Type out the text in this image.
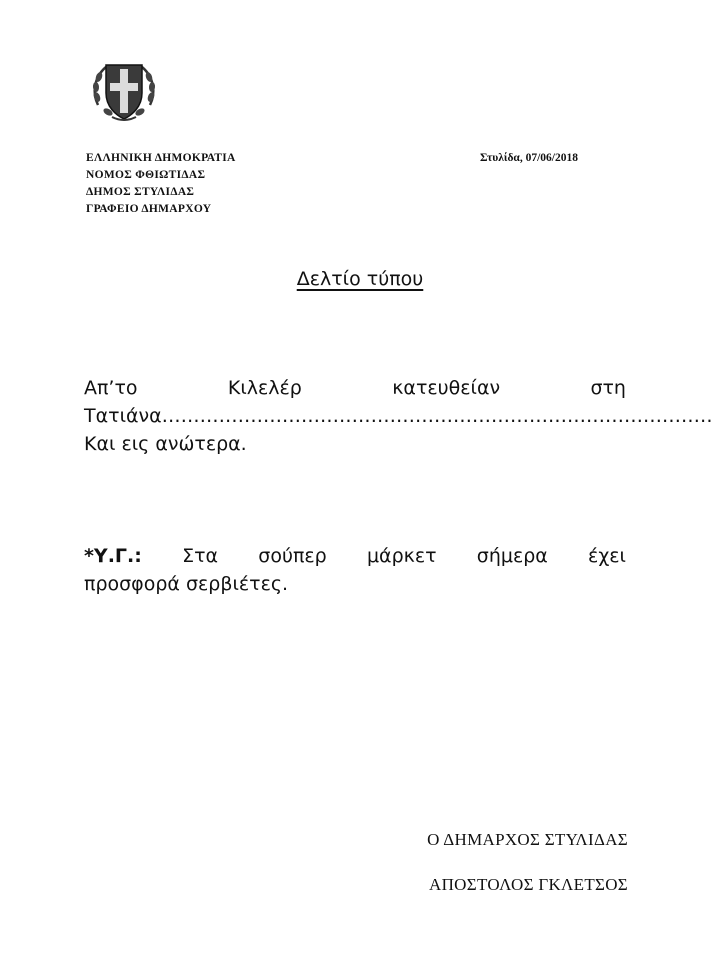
ΕΛΛΗΝΙΚΗ ΔΗΜΟΚΡΑΤΙΑ
ΝΟΜΟΣ ΦΘΙΩΤΙΔΑΣ
ΔΗΜΟΣ ΣΤΥΛΙΔΑΣ
ΓΡΑΦΕΙΟ ΔΗΜΑΡΧΟΥ
Στυλίδα, 07/06/2018
Δελτίο τύπου
Απ’το	Κιλελέρ	κατευθείαν	στη
Τατιάνα……………………………………………………………………………
Και εις ανώτερα.
*Υ.Γ.: Στα σούπερ μάρκετ σήμερα έχει
προσφορά σερβιέτες.
Ο ΔΗΜΑΡΧΟΣ ΣΤΥΛΙΔΑΣ
ΑΠΟΣΤΟΛΟΣ ΓΚΛΕΤΣΟΣ
